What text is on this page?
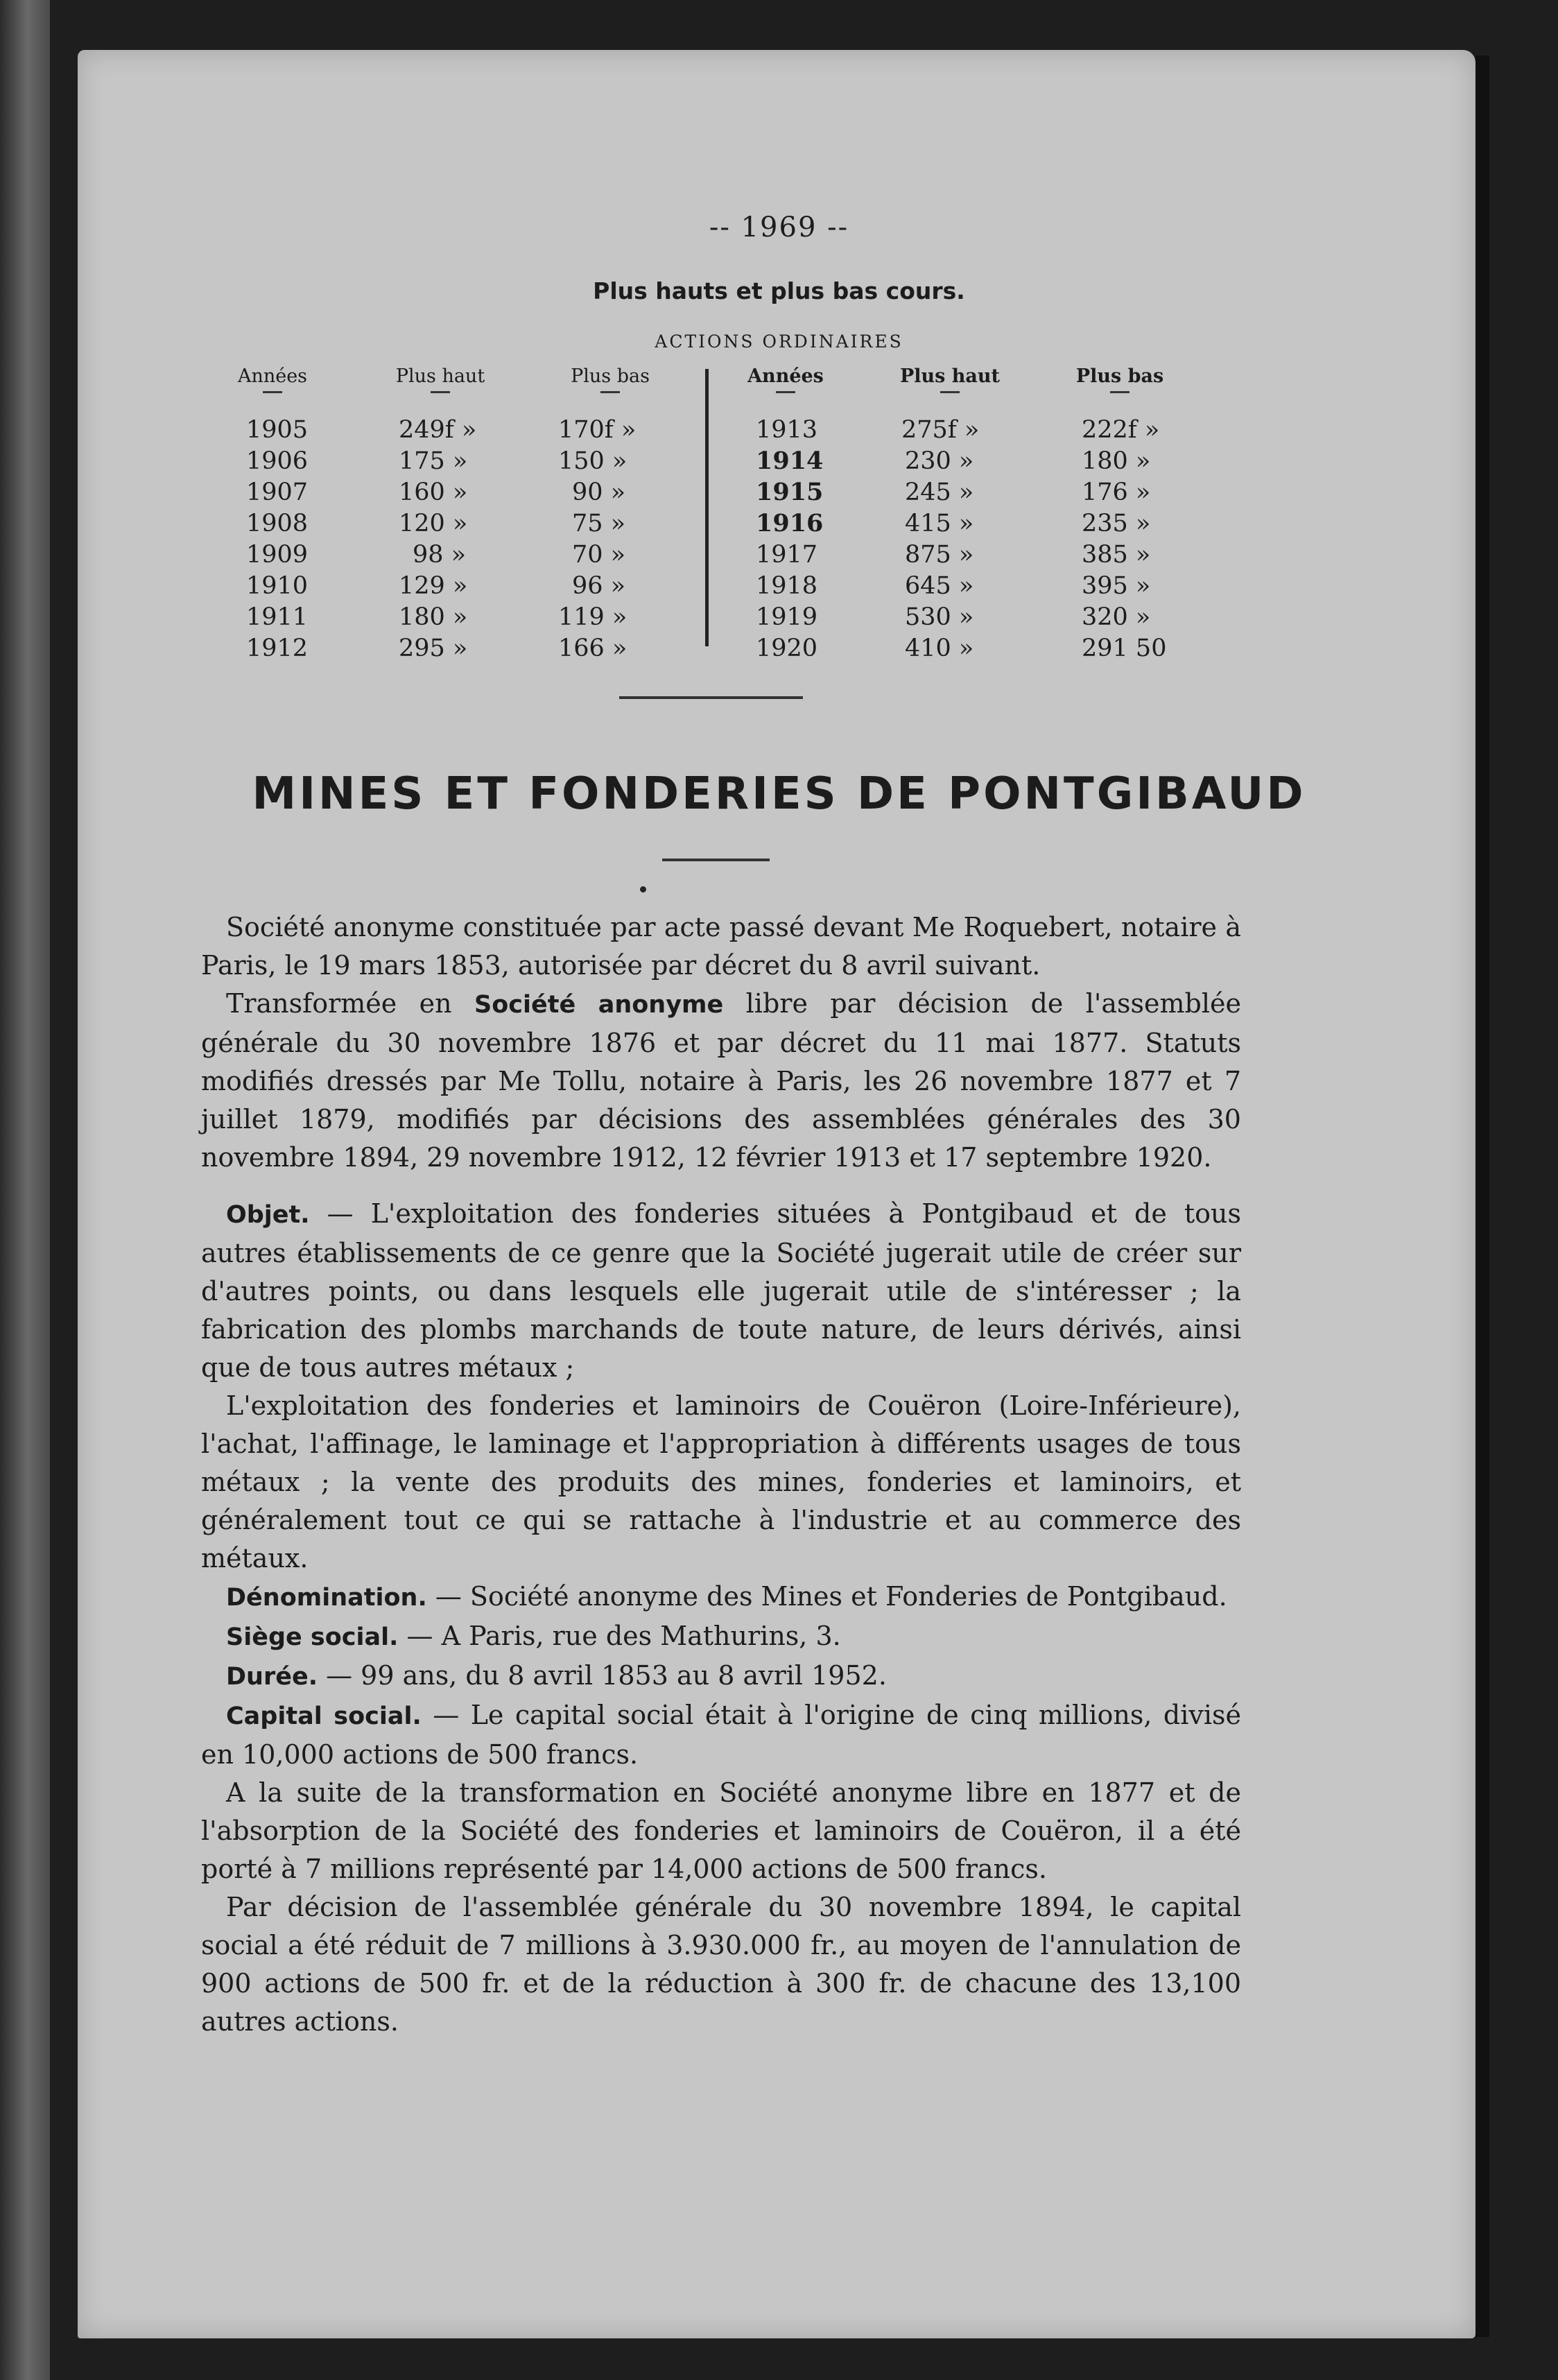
-- 1969 --
Plus hauts et plus bas cours.
ACTIONS ORDINAIRES
Années	Plus haut	Plus bas	Années	Plus haut	Plus bas
1905	249f »	170f »
1906	175 »	150 »
1907	160 »	90 »
1908	120 »	75 »
1909	98 »	70 »
1910	129 »	96 »
1911	180 »	119 »
1912	295 »	166 »
1913	275f »	222f »
1914	230 »	180 »
1915	245 »	176 »
1916	415 »	235 »
1917	875 »	385 »
1918	645 »	395 »
1919	530 »	320 »
1920	410 »	291 50
MINES ET FONDERIES DE PONTGIBAUD

Société anonyme constituée par acte passé devant Me Roquebert, notaire à Paris, le 19 mars 1853, autorisée par décret du 8 avril suivant.

Transformée en Société anonyme libre par décision de l'assemblée générale du 30 novembre 1876 et par décret du 11 mai 1877. Statuts modifiés dressés par Me Tollu, notaire à Paris, les 26 novembre 1877 et 7 juillet 1879, modifiés par décisions des assemblées générales des 30 novembre 1894, 29 novembre 1912, 12 février 1913 et 17 septembre 1920.

Objet. — L'exploitation des fonderies situées à Pontgibaud et de tous autres établissements de ce genre que la Société jugerait utile de créer sur d'autres points, ou dans lesquels elle jugerait utile de s'intéresser ; la fabrication des plombs marchands de toute nature, de leurs dérivés, ainsi que de tous autres métaux ;

L'exploitation des fonderies et laminoirs de Couëron (Loire-Inférieure), l'achat, l'affinage, le laminage et l'appropriation à différents usages de tous métaux ; la vente des produits des mines, fonderies et laminoirs, et généralement tout ce qui se rattache à l'industrie et au commerce des métaux.

Dénomination. — Société anonyme des Mines et Fonderies de Pontgibaud.

Siège social. — A Paris, rue des Mathurins, 3.

Durée. — 99 ans, du 8 avril 1853 au 8 avril 1952.

Capital social. — Le capital social était à l'origine de cinq millions, divisé en 10,000 actions de 500 francs.

A la suite de la transformation en Société anonyme libre en 1877 et de l'absorption de la Société des fonderies et laminoirs de Couëron, il a été porté à 7 millions représenté par 14,000 actions de 500 francs.

Par décision de l'assemblée générale du 30 novembre 1894, le capital social a été réduit de 7 millions à 3.930.000 fr., au moyen de l'annulation de 900 actions de 500 fr. et de la réduction à 300 fr. de chacune des 13,100 autres actions.
